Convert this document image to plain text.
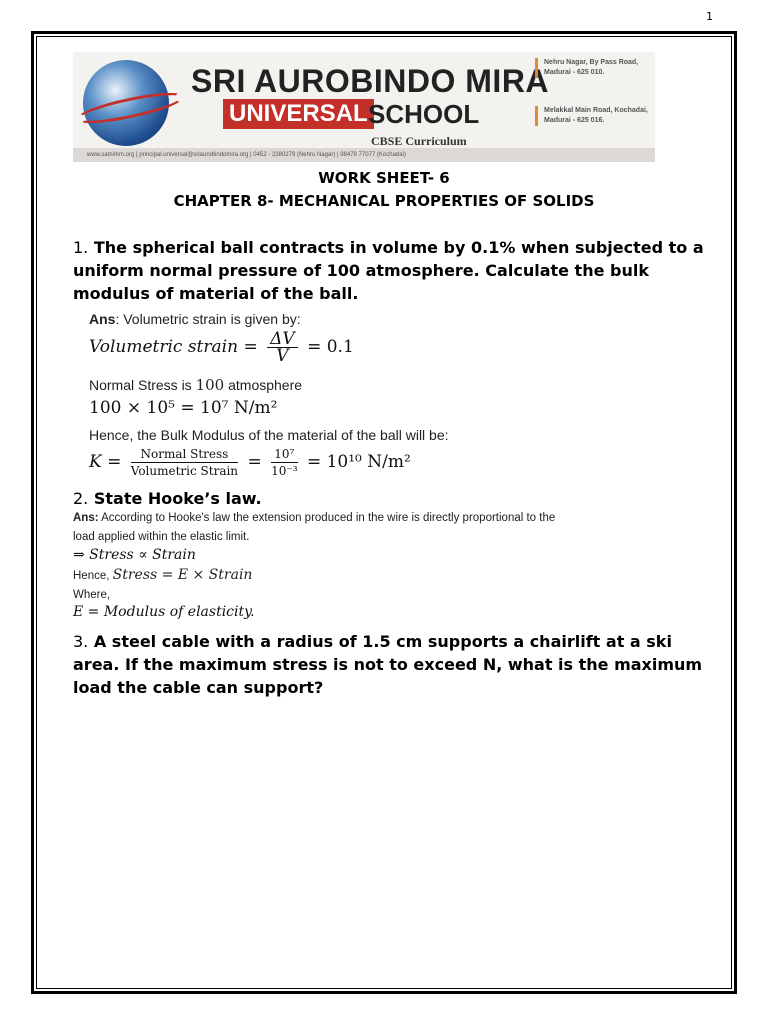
1
SRI AUROBINDO MIRA
UNIVERSAL SCHOOL
CBSE Curriculum
Nehru Nagar, By Pass Road, Madurai - 625 010.
Melakkal Main Road, Kochadai, Madurai - 625 016.
www.samirkm.org | principal.universal@sriaurobindomira.org | 0452 - 2380279 (Nehru Nagar) | 98479 77077 (Kochadai)
WORK SHEET- 6
CHAPTER 8- MECHANICAL PROPERTIES OF SOLIDS
1. The spherical ball contracts in volume by 0.1% when subjected to a uniform normal pressure of 100 atmosphere. Calculate the bulk modulus of material of the ball.
Ans: Volumetric strain is given by:
Volumetric strain = $\frac{\Delta V}{V} = 0.1$
Normal Stress is 100 atmosphere
100 × 10⁵ = 10⁷ N/m²
Hence, the Bulk Modulus of the material of the ball will be:
$K = \frac{\text{Normal Stress}}{\text{Volumetric Strain}} = \frac{\text{10⁷}}{\text{10⁻³}} = 10^{10}$ N/m²
2. State Hooke’s law.
Ans: According to Hooke's law the extension produced in the wire is directly proportional to the
load applied within the elastic limit.
⇒ Stress ∝ Strain
Hence, Stress = E × Strain
Where,
E = Modulus of elasticity.
3. A steel cable with a radius of 1.5 cm supports a chairlift at a ski area. If the maximum stress is not to exceed N, what is the maximum load the cable can support?
